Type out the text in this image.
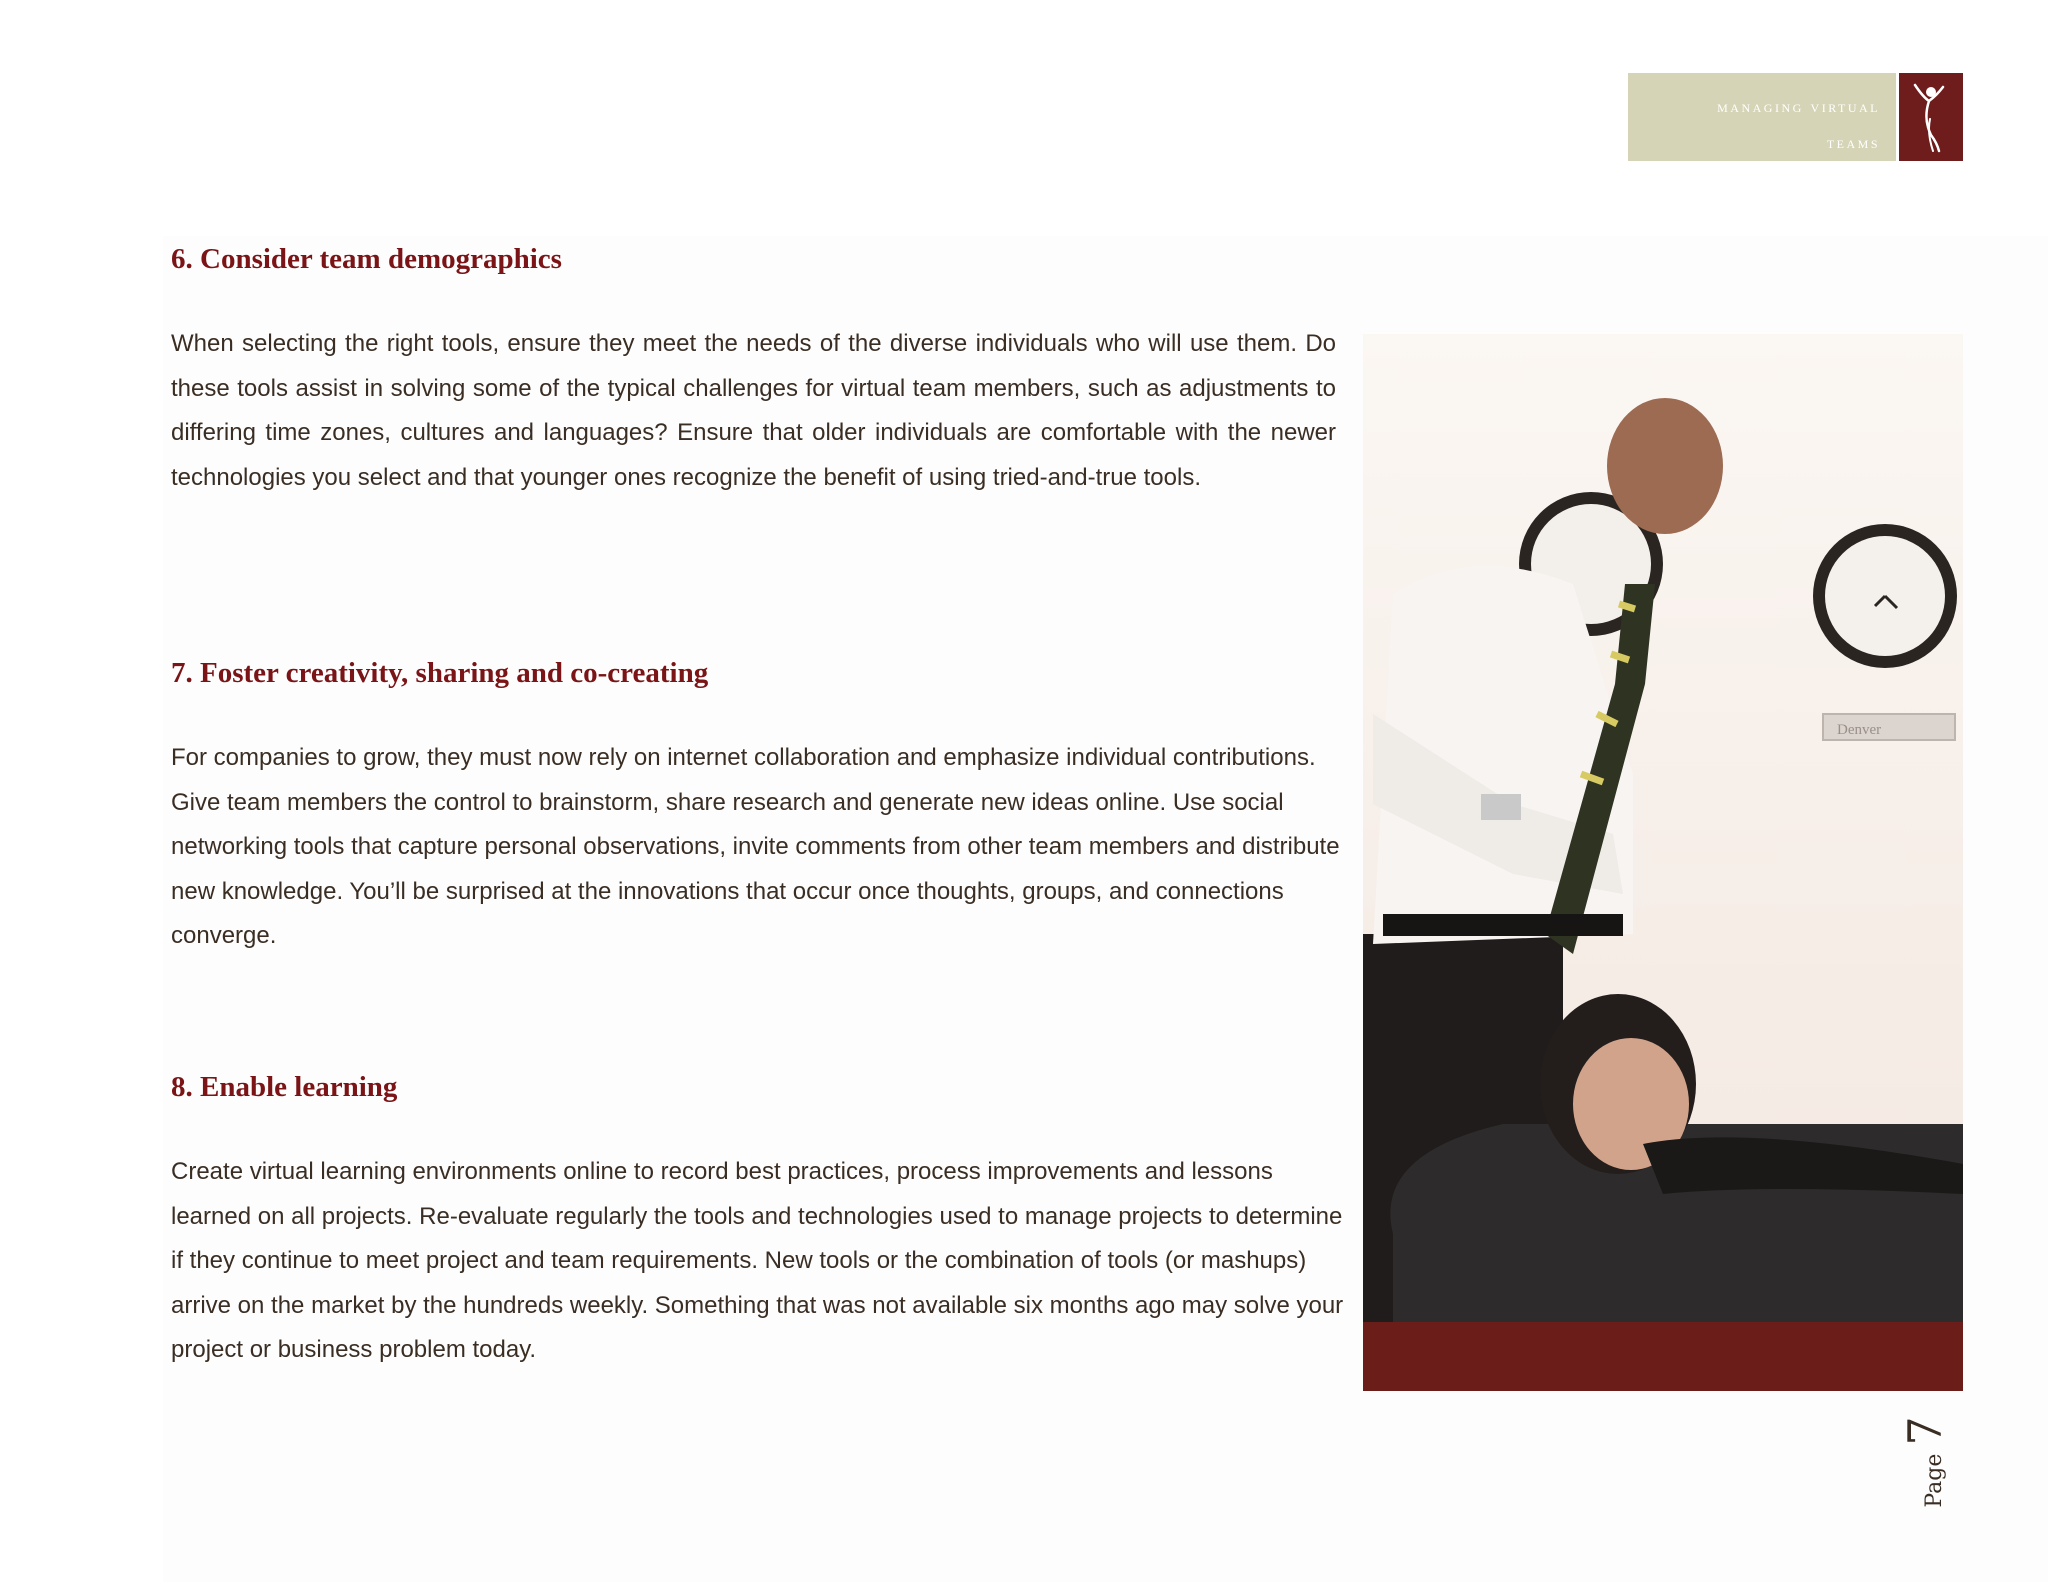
managing virtual
teams
6. Consider team demographics

When selecting the right tools, ensure they meet the needs of the diverse individuals who will use them. Do these tools assist in solving some of the typical challenges for virtual team members, such as adjustments to differing time zones, cultures and languages? Ensure that older individuals are comfortable with the newer technologies you select and that younger ones recognize the benefit of using tried-and-true tools.

7. Foster creativity, sharing and co-creating

For companies to grow, they must now rely on internet collaboration and emphasize individual contributions. Give team members the control to brainstorm, share research and generate new ideas online. Use social networking tools that capture personal observations, invite comments from other team members and distribute new knowledge. You’ll be surprised at the innovations that occur once thoughts, groups, and connections converge.

8. Enable learning

Create virtual learning environments online to record best practices, process improvements and lessons learned on all projects. Re-evaluate regularly the tools and technologies used to manage projects to determine if they continue to meet project and team requirements. New tools or the combination of tools (or mashups) arrive on the market by the hundreds weekly. Something that was not available six months ago may solve your project or business problem today.

Denver
Page7
